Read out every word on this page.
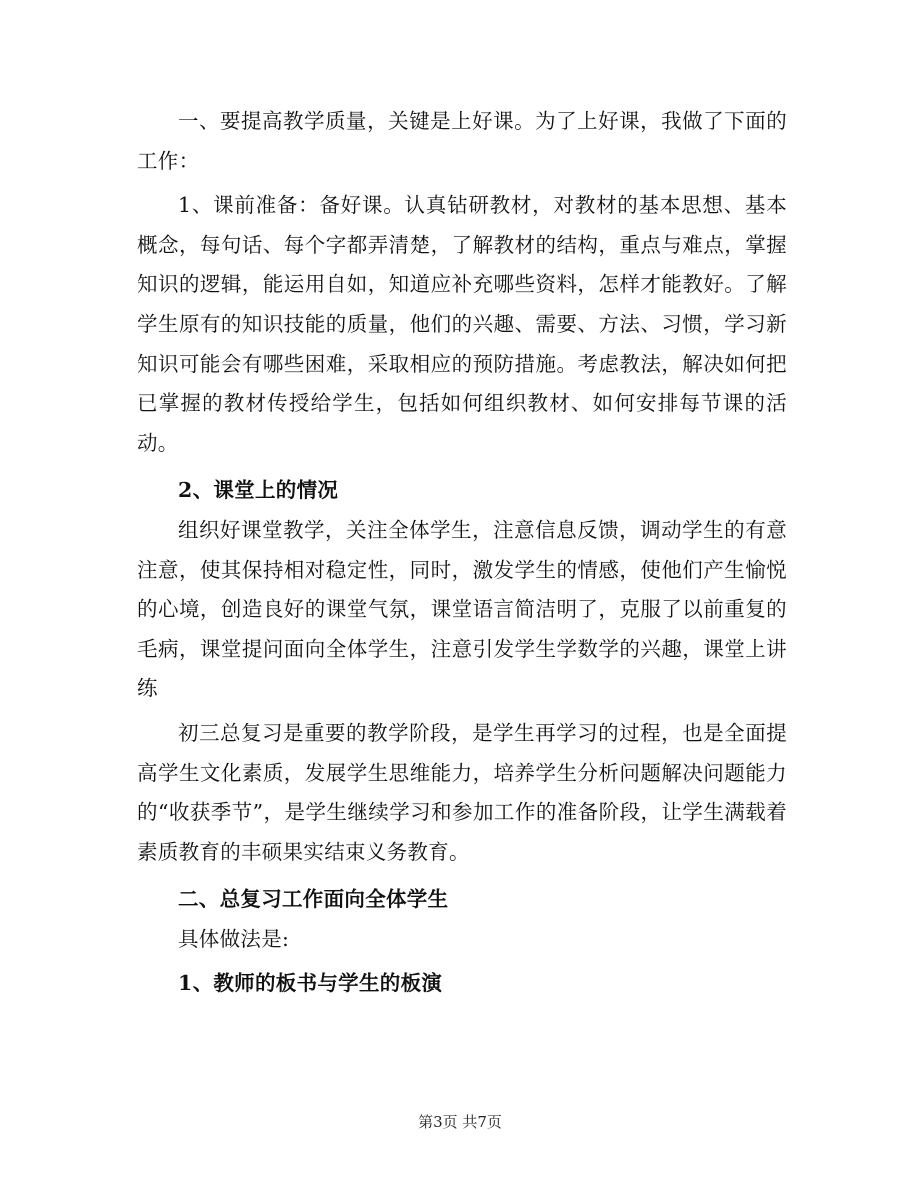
一、要提高教学质量，关键是上好课。为了上好课，我做了下面的工作：

1、课前准备：备好课。认真钻研教材，对教材的基本思想、基本概念，每句话、每个字都弄清楚，了解教材的结构，重点与难点，掌握知识的逻辑，能运用自如，知道应补充哪些资料，怎样才能教好。了解学生原有的知识技能的质量，他们的兴趣、需要、方法、习惯，学习新知识可能会有哪些困难，采取相应的预防措施。考虑教法，解决如何把已掌握的教材传授给学生，包括如何组织教材、如何安排每节课的活动。

2、课堂上的情况

组织好课堂教学，关注全体学生，注意信息反馈，调动学生的有意注意，使其保持相对稳定性，同时，激发学生的情感，使他们产生愉悦的心境，创造良好的课堂气氛，课堂语言简洁明了，克服了以前重复的毛病，课堂提问面向全体学生，注意引发学生学数学的兴趣，课堂上讲练

初三总复习是重要的教学阶段，是学生再学习的过程，也是全面提高学生文化素质，发展学生思维能力，培养学生分析问题解决问题能力的“收获季节”，是学生继续学习和参加工作的准备阶段，让学生满载着素质教育的丰硕果实结束义务教育。

二、总复习工作面向全体学生

具体做法是:

1、教师的板书与学生的板演

第3页 共7页
